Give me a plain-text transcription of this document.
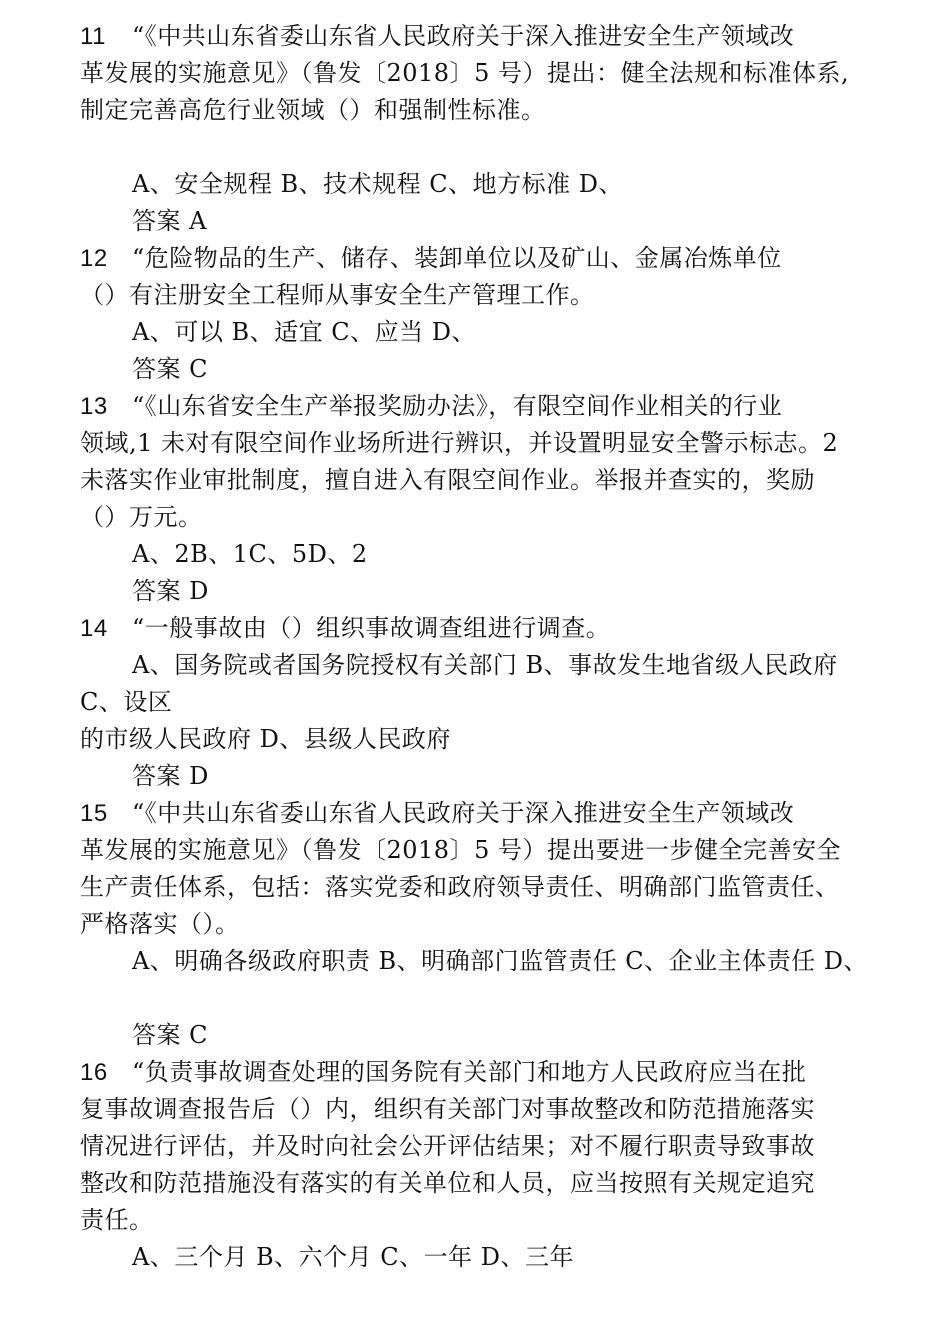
11 “《中共山东省委山东省人民政府关于深入推进安全生产领域改
革发展的实施意见》（鲁发〔2018〕5 号）提出：健全法规和标准体系,
制定完善高危行业领域（）和强制性标准。
A、安全规程 B、技术规程 C、地方标准 D、
答案 A
12 “危险物品的生产、储存、装卸单位以及矿山、金属冶炼单位
（）有注册安全工程师从事安全生产管理工作。
A、可以 B、适宜 C、应当 D、
答案 C
13 “《山东省安全生产举报奖励办法》，有限空间作业相关的行业
领域,1 未对有限空间作业场所进行辨识，并设置明显安全警示标志。2
未落实作业审批制度，擅自进入有限空间作业。举报并查实的，奖励
（）万元。
A、2B、1C、5D、2
答案 D
14 “一般事故由（）组织事故调查组进行调查。
A、国务院或者国务院授权有关部门 B、事故发生地省级人民政府
C、设区
的市级人民政府 D、县级人民政府
答案 D
15 “《中共山东省委山东省人民政府关于深入推进安全生产领域改
革发展的实施意见》（鲁发〔2018〕5 号）提出要进一步健全完善安全
生产责任体系，包括：落实党委和政府领导责任、明确部门监管责任、
严格落实（）。
A、明确各级政府职责 B、明确部门监管责任 C、企业主体责任 D、
答案 C
16 “负责事故调查处理的国务院有关部门和地方人民政府应当在批
复事故调查报告后（）内，组织有关部门对事故整改和防范措施落实
情况进行评估，并及时向社会公开评估结果；对不履行职责导致事故
整改和防范措施没有落实的有关单位和人员，应当按照有关规定追究
责任。
A、三个月 B、六个月 C、一年 D、三年
